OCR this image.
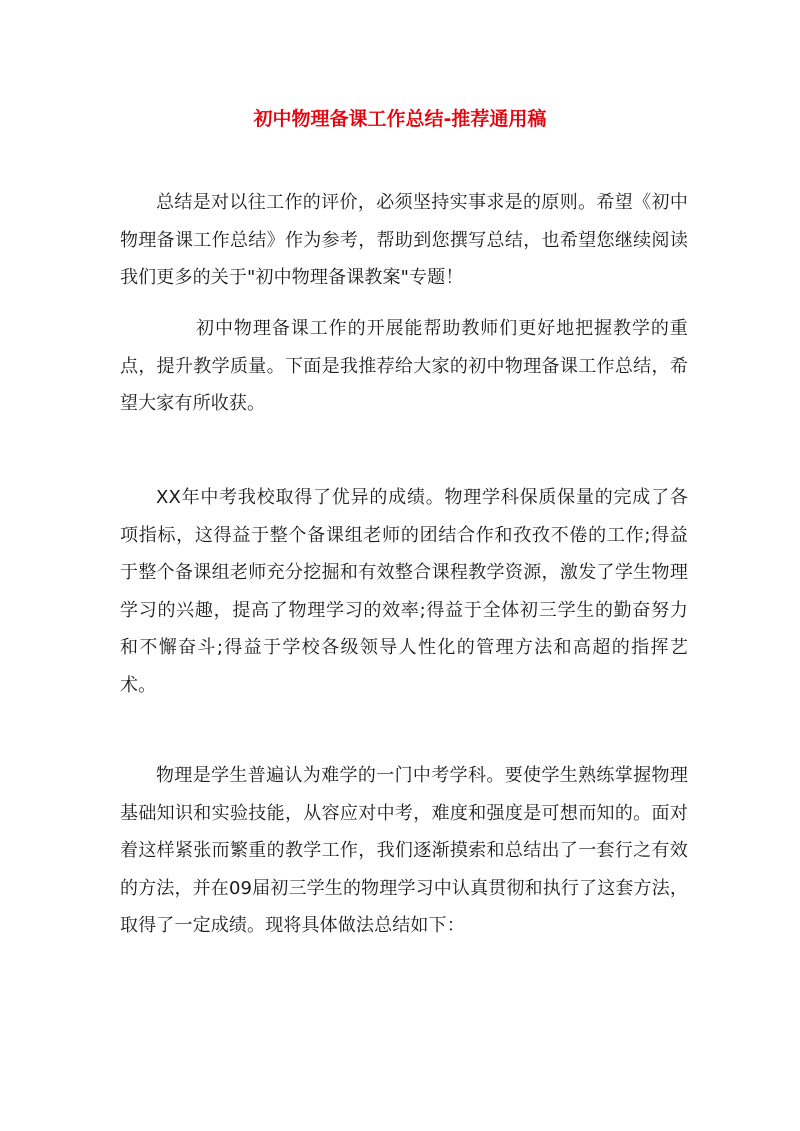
初中物理备课工作总结-推荐通用稿

总结是对以往工作的评价，必须坚持实事求是的原则。希望《初中物理备课工作总结》作为参考，帮助到您撰写总结，也希望您继续阅读我们更多的关于"初中物理备课教案"专题！

初中物理备课工作的开展能帮助教师们更好地把握教学的重点，提升教学质量。下面是我推荐给大家的初中物理备课工作总结，希望大家有所收获。

XX年中考我校取得了优异的成绩。物理学科保质保量的完成了各项指标，这得益于整个备课组老师的团结合作和孜孜不倦的工作;得益于整个备课组老师充分挖掘和有效整合课程教学资源，激发了学生物理学习的兴趣，提高了物理学习的效率;得益于全体初三学生的勤奋努力和不懈奋斗;得益于学校各级领导人性化的管理方法和高超的指挥艺术。

物理是学生普遍认为难学的一门中考学科。要使学生熟练掌握物理基础知识和实验技能，从容应对中考，难度和强度是可想而知的。面对着这样紧张而繁重的教学工作，我们逐渐摸索和总结出了一套行之有效的方法，并在09届初三学生的物理学习中认真贯彻和执行了这套方法，取得了一定成绩。现将具体做法总结如下：
